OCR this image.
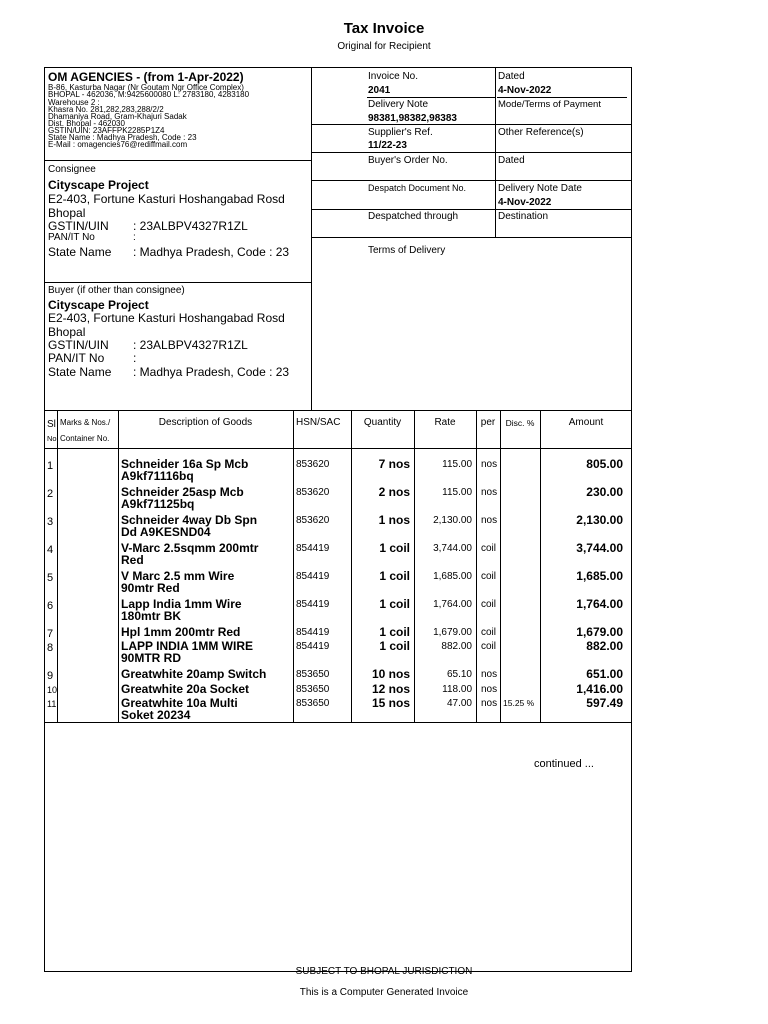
Tax Invoice
Original for Recipient
OM AGENCIES - (from 1-Apr-2022)
B-86, Kasturba Nagar (Nr Goutam Ngr Office Complex)
BHOPAL - 462036, M:9425600080 L: 2783180, 4283180
Warehouse 2 :
Khasra No. 281,282,283,288/2/2
Dhamaniya Road, Gram-Khajuri Sadak
Dist. Bhopal - 462030
GSTIN/UIN: 23AFFPK2285P1Z4
State Name : Madhya Pradesh, Code : 23
E-Mail : omagencies76@rediffmail.com
Consignee
Cityscape Project
E2-403, Fortune Kasturi Hoshangabad Rosd
Bhopal
GSTIN/UIN : 23ALBPV4327R1ZL
PAN/IT No	:
State Name : Madhya Pradesh, Code : 23
Buyer (if other than consignee)
Cityscape Project
E2-403, Fortune Kasturi Hoshangabad Rosd
Bhopal
GSTIN/UIN : 23ALBPV4327R1ZL
PAN/IT No :
State Name : Madhya Pradesh, Code : 23
Invoice No.
2041
Dated
4-Nov-2022
Delivery Note
98381,98382,98383
Mode/Terms of Payment
Supplier's Ref.
11/22-23
Other Reference(s)
Buyer's Order No.	Dated
Despatch Document No.	Delivery Note Date
4-Nov-2022
Despatched through	Destination
Terms of Delivery
Sl
No.
Marks & Nos./
Container No.
Description of Goods	HSN/SAC	Quantity	Rate	per	Disc. %	Amount
1	Schneider 16a Sp Mcb
A9kf71116bq
853620	7 nos	115.00 nos	805.00
2	Schneider 25asp Mcb
A9kf71125bq
853620	2 nos	115.00 nos	230.00
3	Schneider 4way Db Spn
Dd A9KESND04
853620	1 nos	2,130.00 nos	2,130.00
4	V-Marc 2.5sqmm 200mtr
Red
854419	1 coil	3,744.00 coil	3,744.00
5	V Marc 2.5 mm Wire
90mtr Red
854419	1 coil	1,685.00 coil	1,685.00
6	Lapp India 1mm Wire
180mtr BK
854419	1 coil	1,764.00 coil	1,764.00
7	Hpl 1mm 200mtr Red	854419	1 coil	1,679.00 coil	1,679.00
8	LAPP INDIA 1MM WIRE
90MTR RD
854419	1 coil	882.00 coil	882.00
9	Greatwhite 20amp Switch	853650	10 nos	65.10 nos	651.00
10	Greatwhite 20a Socket	853650	12 nos	118.00 nos	1,416.00
11	Greatwhite 10a Multi
Soket 20234
853650	15 nos	47.00 nos 15.25 %	597.49
continued ...
SUBJECT TO BHOPAL JURISDICTION
This is a Computer Generated Invoice
